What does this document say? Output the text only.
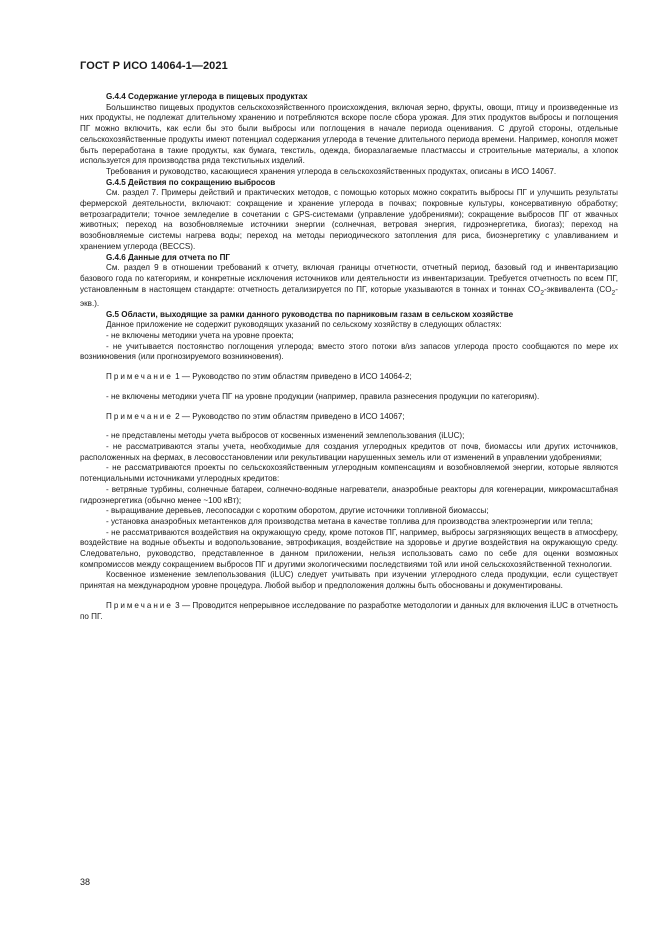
ГОСТ Р ИСО 14064-1—2021
G.4.4 Содержание углерода в пищевых продуктах

Большинство пищевых продуктов сельскохозяйственного происхождения, включая зерно, фрукты, овощи, птицу и произведенные из них продукты, не подлежат длительному хранению и потребляются вскоре после сбора урожая. Для этих продуктов выбросы и поглощения ПГ можно включить, как если бы это были выбросы или поглощения в начале периода оценивания. С другой стороны, отдельные сельскохозяйственные продукты имеют потенциал содержания углерода в течение длительного периода времени. Например, конопля может быть переработана в такие продукты, как бумага, текстиль, одежда, биоразлагаемые пластмассы и строительные материалы, а хлопок используется для производства ряда текстильных изделий.

Требования и руководство, касающиеся хранения углерода в сельскохозяйственных продуктах, описаны в ИСО 14067.

G.4.5 Действия по сокращению выбросов

См. раздел 7. Примеры действий и практических методов, с помощью которых можно сократить выбросы ПГ и улучшить результаты фермерской деятельности, включают: сокращение и хранение углерода в почвах; покровные культуры, консервативную обработку; ветрозаградители; точное земледелие в сочетании с GPS-системами (управление удобрениями); сокращение выбросов ПГ от жвачных животных; переход на возобновляемые источники энергии (солнечная, ветровая энергия, гидроэнергетика, биогаз); переход на возобновляемые системы нагрева воды; переход на методы периодического затопления для риса, биоэнергетику с улавливанием и хранением углерода (BECCS).

G.4.6 Данные для отчета по ПГ

См. раздел 9 в отношении требований к отчету, включая границы отчетности, отчетный период, базовый год и инвентаризацию базового года по категориям, и конкретные исключения источников или деятельности из инвентаризации. Требуется отчетность по всем ПГ, установленным в настоящем стандарте: отчетность детализируется по ПГ, которые указываются в тоннах и тоннах $CO_2$-эквивалента $(CO_2-экв.)$.

G.5 Области, выходящие за рамки данного руководства по парниковым газам в сельском хозяйстве

Данное приложение не содержит руководящих указаний по сельскому хозяйству в следующих областях:

- не включены методики учета на уровне проекта;

- не учитывается постоянство поглощения углерода; вместо этого потоки в/из запасов углерода просто сообщаются по мере их возникновения (или прогнозируемого возникновения).

Примечание 1 — Руководство по этим областям приведено в ИСО 14064-2;

- не включены методики учета ПГ на уровне продукции (например, правила разнесения продукции по категориям).

Примечание 2 — Руководство по этим областям приведено в ИСО 14067;

- не представлены методы учета выбросов от косвенных изменений землепользования (iLUC);

- не рассматриваются этапы учета, необходимые для создания углеродных кредитов от почв, биомассы или других источников, расположенных на фермах, в лесовосстановлении или рекультивации нарушенных земель или от изменений в управлении удобрениями;

- не рассматриваются проекты по сельскохозяйственным углеродным компенсациям и возобновляемой энергии, которые являются потенциальными источниками углеродных кредитов:

- ветряные турбины, солнечные батареи, солнечно-водяные нагреватели, анаэробные реакторы для когенерации, микромасштабная гидроэнергетика (обычно менее ~100 кВт);

- выращивание деревьев, лесопосадки с коротким оборотом, другие источники топливной биомассы;

- установка анаэробных метантенков для производства метана в качестве топлива для производства электроэнергии или тепла;

- не рассматриваются воздействия на окружающую среду, кроме потоков ПГ, например, выбросы загрязняющих веществ в атмосферу, воздействие на водные объекты и водопользование, эвтрофикация, воздействие на здоровье и другие воздействия на окружающую среду. Следовательно, руководство, представленное в данном приложении, нельзя использовать само по себе для оценки возможных компромиссов между сокращением выбросов ПГ и другими экологическими последствиями той или иной сельскохозяйственной технологии.

Косвенное изменение землепользования (iLUC) следует учитывать при изучении углеродного следа продукции, если существует принятая на международном уровне процедура. Любой выбор и предположения должны быть обоснованы и документированы.

Примечание 3 — Проводится непрерывное исследование по разработке методологии и данных для включения iLUC в отчетность по ПГ.

38
